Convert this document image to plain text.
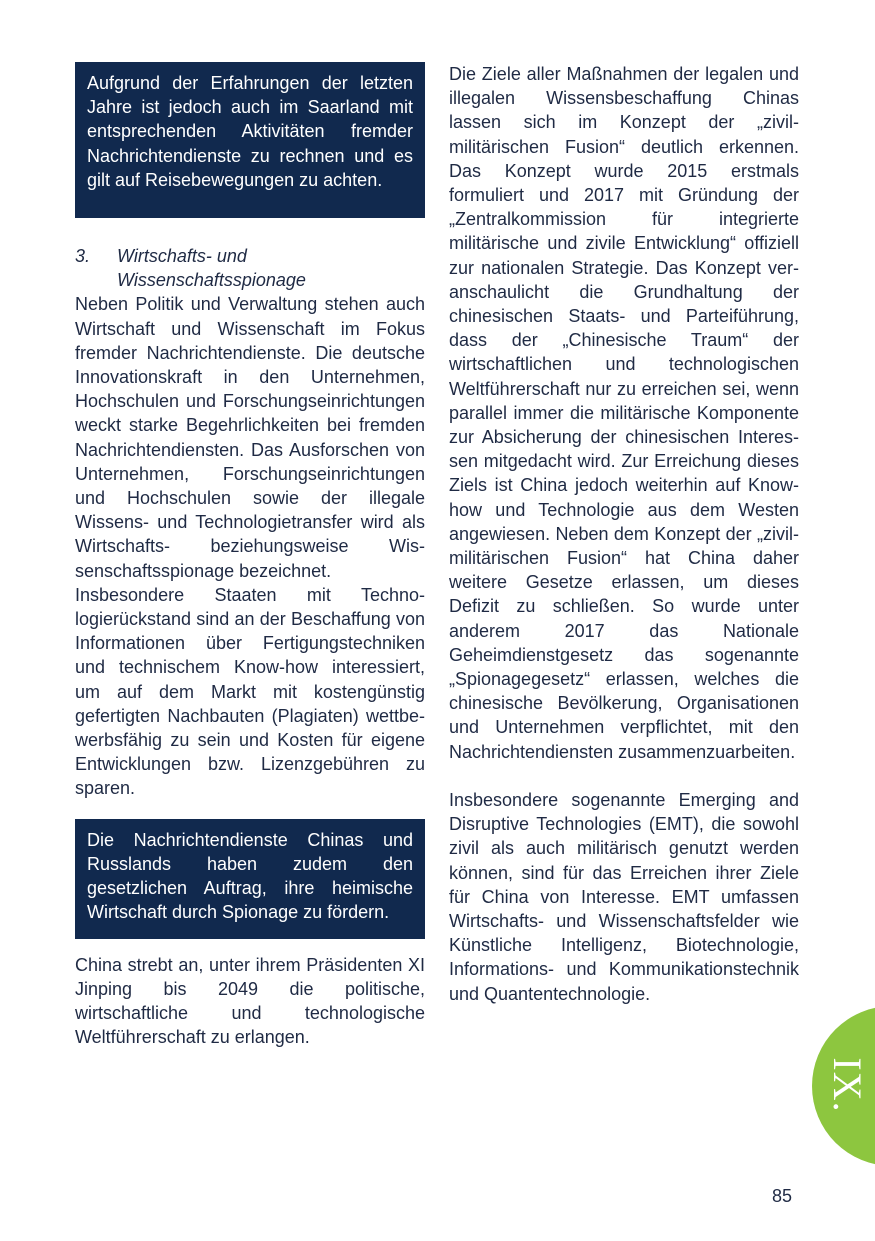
Aufgrund der Erfahrungen der letzten Jahre ist jedoch auch im Saarland mit entsprechenden Aktivitäten fremder Nachrichtendienste zu rechnen und es gilt auf Reisebewegungen zu achten.

3.	Wirtschafts- und Wissenschaftsspionage

Neben Politik und Verwaltung stehen auch Wirtschaft und Wissenschaft im Fokus fremder Nachrichtendienste. Die deutsche Innovationskraft in den Unternehmen, Hochschulen und Forschungseinrichtungen weckt starke Begehrlichkeiten bei fremden Nachrichtendiensten. Das Ausforschen von Unternehmen, Forschungseinrichtungen und Hochschulen sowie der illegale Wissens- und Technologietransfer wird als Wirtschafts- beziehungsweise Wissenschaftsspionage bezeichnet.

Insbesondere Staaten mit Technologierückstand sind an der Beschaffung von Informationen über Fertigungstechniken und technischem Know-how interessiert, um auf dem Markt mit kostengünstig gefertigten Nachbauten (Plagiaten) wettbewerbsfähig zu sein und Kosten für eigene Entwicklungen bzw. Lizenzgebühren zu sparen.

Die Nachrichtendienste Chinas und Russlands haben zudem den gesetzlichen Auftrag, ihre heimische Wirtschaft durch Spionage zu fördern.

China strebt an, unter ihrem Präsidenten XI Jinping bis 2049 die politische, wirtschaftliche und technologische Weltführerschaft zu erlangen.

Die Ziele aller Maßnahmen der legalen und illegalen Wissensbeschaffung Chinas lassen sich im Konzept der „zivil-militärischen Fusion“ deutlich erkennen. Das Konzept wurde 2015 erstmals formuliert und 2017 mit Gründung der „Zentralkommission für integrierte militärische und zivile Entwicklung“ offiziell zur nationalen Strategie. Das Konzept veranschaulicht die Grundhaltung der chinesischen Staats- und Parteiführung, dass der „Chinesische Traum“ der wirtschaftlichen und technologischen Weltführerschaft nur zu erreichen sei, wenn parallel immer die militärische Komponente zur Absicherung der chinesischen Interessen mitgedacht wird. Zur Erreichung dieses Ziels ist China jedoch weiterhin auf Know-how und Technologie aus dem Westen angewiesen. Neben dem Konzept der „zivil-militärischen Fusion“ hat China daher weitere Gesetze erlassen, um dieses Defizit zu schließen. So wurde unter anderem 2017 das Nationale Geheimdienstgesetz das sogenannte „Spionagegesetz“ erlassen, welches die chinesische Bevölkerung, Organisationen und Unternehmen verpflichtet, mit den Nachrichtendiensten zusammenzuarbeiten.

Insbesondere sogenannte Emerging and Disruptive Technologies (EMT), die sowohl zivil als auch militärisch genutzt werden können, sind für das Erreichen ihrer Ziele für China von Interesse. EMT umfassen Wirtschafts- und Wissenschaftsfelder wie Künstliche Intelligenz, Biotechnologie, Informations- und Kommunikationstechnik und Quantentechnologie.

IX.
85
